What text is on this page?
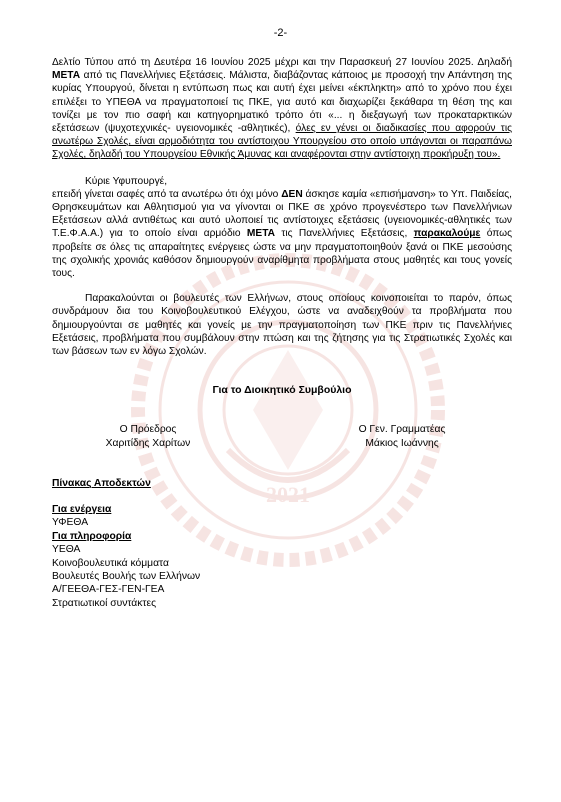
2021
-2-

Δελτίο Τύπου από τη Δευτέρα 16 Ιουνίου 2025 μέχρι και την Παρασκευή 27 Ιουνίου 2025. Δηλαδή ΜΕΤΑ από τις Πανελλήνιες Εξετάσεις. Μάλιστα, διαβάζοντας κάποιος με προσοχή την Απάντηση της κυρίας Υπουργού, δίνεται η εντύπωση πως και αυτή έχει μείνει «έκπληκτη» από το χρόνο που έχει επιλέξει το ΥΠΕΘΑ να πραγματοποιεί τις ΠΚΕ, για αυτό και διαχωρίζει ξεκάθαρα τη θέση της και τονίζει με τον πιο σαφή και κατηγορηματικό τρόπο ότι «... η διεξαγωγή των προκαταρκτικών εξετάσεων (ψυχοτεχνικές- υγειονομικές -αθλητικές), όλες εν γένει οι διαδικασίες που αφορούν τις ανωτέρω Σχολές, είναι αρμοδιότητα του αντίστοιχου Υπουργείου στο οποίο υπάγονται οι παραπάνω Σχολές, δηλαδή του Υπουργείου Εθνικής Άμυνας και αναφέρονται στην αντίστοιχη προκήρυξη του».

Κύριε Υφυπουργέ,

επειδή γίνεται σαφές από τα ανωτέρω ότι όχι μόνο ΔΕΝ άσκησε καμία «επισήμανση» το Υπ. Παιδείας, Θρησκευμάτων και Αθλητισμού για να γίνονται οι ΠΚΕ σε χρόνο προγενέστερο των Πανελλήνιων Εξετάσεων αλλά αντιθέτως και αυτό υλοποιεί τις αντίστοιχες εξετάσεις (υγειονομικές-αθλητικές των Τ.Ε.Φ.Α.Α.) για το οποίο είναι αρμόδιο ΜΕΤΑ τις Πανελλήνιες Εξετάσεις, παρακαλούμε όπως προβείτε σε όλες τις απαραίτητες ενέργειες ώστε να μην πραγματοποιηθούν ξανά οι ΠΚΕ μεσούσης της σχολικής χρονιάς καθόσον δημιουργούν αναρίθμητα προβλήματα στους μαθητές και τους γονείς τους.

Παρακαλούνται οι βουλευτές των Ελλήνων, στους οποίους κοινοποιείται το παρόν, όπως συνδράμουν δια του Κοινοβουλευτικού Ελέγχου, ώστε να αναδειχθούν τα προβλήματα που δημιουργούνται σε μαθητές και γονείς με την πραγματοποίηση των ΠΚΕ πριν τις Πανελλήνιες Εξετάσεις, προβλήματα που συμβάλουν στην πτώση και της ζήτησης για τις Στρατιωτικές Σχολές και των βάσεων των εν λόγω Σχολών.

Για το Διοικητικό Συμβούλιο
Ο Πρόεδρος
Χαριτίδης Χαρίτων
Ο Γεν. Γραμματέας
Μάκιος Ιωάννης
Πίνακας Αποδεκτών
Για ενέργεια
ΥΦΕΘΑ
Για πληροφορία
ΥΕΘΑ
Κοινοβουλευτικά κόμματα
Βουλευτές Βουλής των Ελλήνων
Α/ΓΕΕΘΑ-ΓΕΣ-ΓΕΝ-ΓΕΑ
Στρατιωτικοί συντάκτες
